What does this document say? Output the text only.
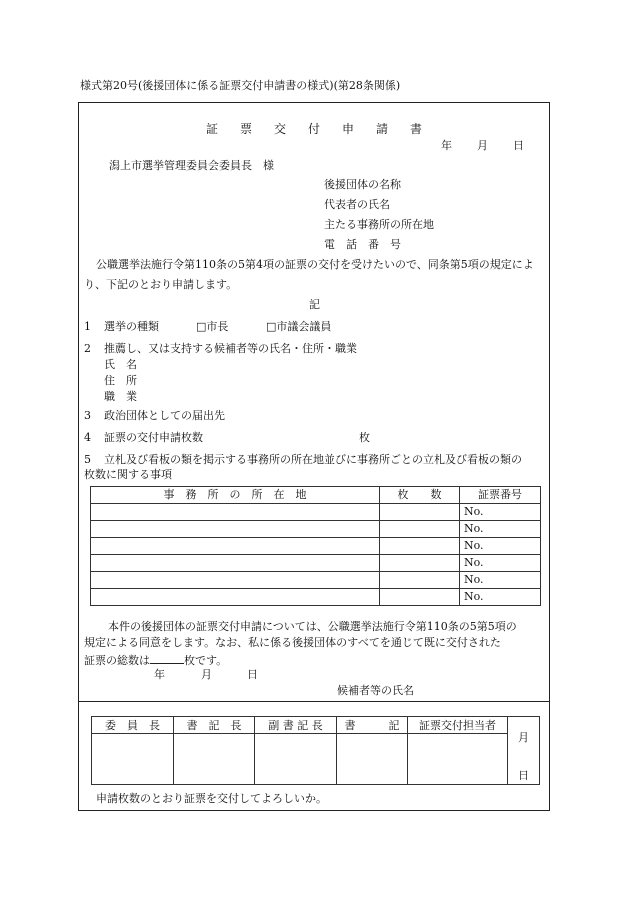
様式第20号(後援団体に係る証票交付申請書の様式)(第28条関係)
証 票 交 付 申 請 書
年 月 日
潟上市選挙管理委員会委員長　様
後援団体の名称
代表者の氏名
主たる事務所の所在地
電　話　番　号
公職選挙法施行令第110条の5第4項の証票の交付を受けたいので、同条第5項の規定によ
り、下記のとおり申請します。
記
1 選挙の種類	□市長	□市議会議員
2 推薦し、又は支持する候補者等の氏名・住所・職業
氏　名
住　所
職　業
3 政治団体としての届出先
4 証票の交付申請枚数	枚
5 立札及び看板の類を掲示する事務所の所在地並びに事務所ごとの立札及び看板の類の
枚数に関する事項
事　務　所　の　所　在　地	枚　　数	証票番号
		No.
		No.
		No.
		No.
		No.
		No.
本件の後援団体の証票交付申請については、公職選挙法施行令第110条の5第5項の
規定による同意をします。なお、私に係る後援団体のすべてを通じて既に交付された
証票の総数は	枚です。
年	月	日
候補者等の氏名
委　員　長	書　記　長	副 書 記 長	書　　　記	証票交付担当者	月
日

申請枚数のとおり証票を交付してよろしいか。
